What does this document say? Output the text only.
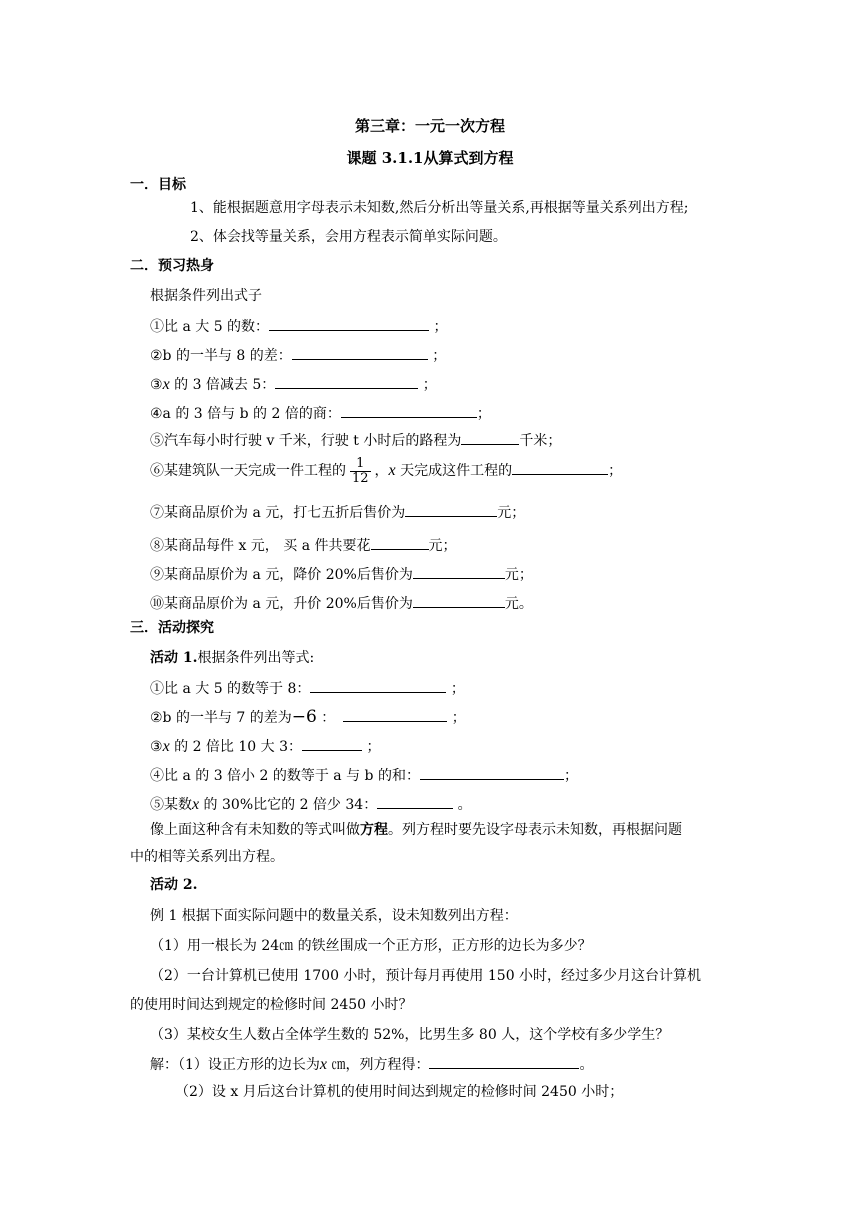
第三章：一元一次方程
课题 3.1.1从算式到方程
一．目标
1、能根据题意用字母表示未知数,然后分析出等量关系,再根据等量关系列出方程;
2、体会找等量关系，会用方程表示简单实际问题。
二．预习热身
根据条件列出式子
①比 a 大 5 的数：	；
②b 的一半与 8 的差：	；
③x 的 3 倍减去 5：	；
④a 的 3 倍与 b 的 2 倍的商：	；
⑤汽车每小时行驶 v 千米，行驶 t 小时后的路程为	千米；
⑥某建筑队一天完成一件工程的 $\frac{1}{12}$ ，x 天完成这件工程的	；
⑦某商品原价为 a 元，打七五折后售价为	元；
⑧某商品每件 x 元， 买 a 件共要花	元；
⑨某商品原价为 a 元，降价 20%后售价为	元；
⑩某商品原价为 a 元，升价 20%后售价为	元。
三．活动探究
活动 1.根据条件列出等式:
①比 a 大 5 的数等于 8：	；
②b 的一半与 7 的差为−6 ：	；
③x 的 2 倍比 10 大 3：	；
④比 a 的 3 倍小 2 的数等于 a 与 b 的和：	；
⑤某数x 的 30%比它的 2 倍少 34：	。
像上面这种含有未知数的等式叫做方程。列方程时要先设字母表示未知数，再根据问题
中的相等关系列出方程。
活动 2.
例 1 根据下面实际问题中的数量关系，设未知数列出方程：
（1）用一根长为 24㎝ 的铁丝围成一个正方形，正方形的边长为多少？
（2）一台计算机已使用 1700 小时，预计每月再使用 150 小时，经过多少月这台计算机
的使用时间达到规定的检修时间 2450 小时？
（3）某校女生人数占全体学生数的 52%，比男生多 80 人，这个学校有多少学生？
解：（1）设正方形的边长为x ㎝，列方程得：	。
（2）设 x 月后这台计算机的使用时间达到规定的检修时间 2450 小时；
